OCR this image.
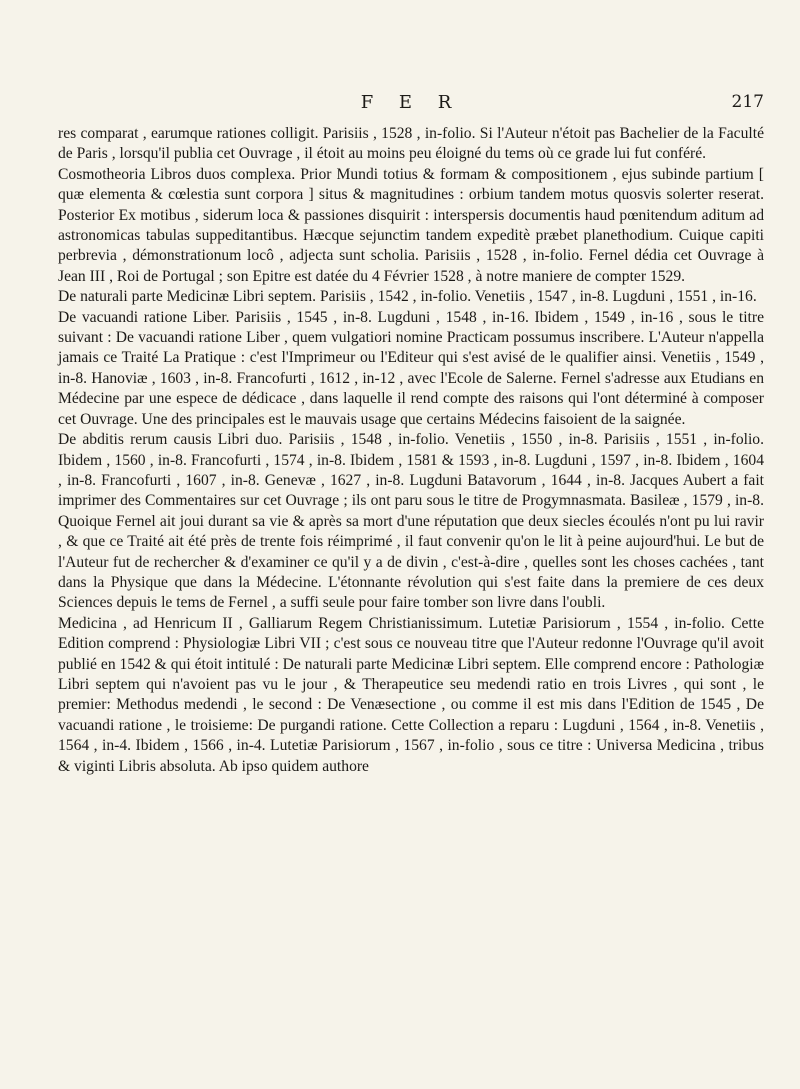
F E R	217

res comparat , earumque rationes colligit. Parisiis , 1528 , in-folio. Si l'Auteur n'étoit pas Bachelier de la Faculté de Paris , lorsqu'il publia cet Ouvrage , il étoit au moins peu éloigné du tems où ce grade lui fut conféré.

Cosmotheoria Libros duos complexa. Prior Mundi totius & formam & compositionem , ejus subinde partium [ quæ elementa & cœlestia sunt corpora ] situs & magnitudines : orbium tandem motus quosvis solerter reserat. Posterior Ex motibus , siderum loca & passiones disquirit : interspersis documentis haud pœnitendum aditum ad astronomicas tabulas suppeditantibus. Hæcque sejunctim tandem expeditè præbet planethodium. Cuique capiti perbrevia , démonstrationum locô , adjecta sunt scholia. Parisiis , 1528 , in-folio. Fernel dédia cet Ouvrage à Jean III , Roi de Portugal ; son Epitre est datée du 4 Février 1528 , à notre maniere de compter 1529.

De naturali parte Medicinæ Libri septem. Parisiis , 1542 , in-folio. Venetiis , 1547 , in-8. Lugduni , 1551 , in-16.

De vacuandi ratione Liber. Parisiis , 1545 , in-8. Lugduni , 1548 , in-16. Ibidem , 1549 , in-16 , sous le titre suivant : De vacuandi ratione Liber , quem vulgatiori nomine Practicam possumus inscribere. L'Auteur n'appella jamais ce Traité La Pratique : c'est l'Imprimeur ou l'Editeur qui s'est avisé de le qualifier ainsi. Venetiis , 1549 , in-8. Hanoviæ , 1603 , in-8. Francofurti , 1612 , in-12 , avec l'Ecole de Salerne. Fernel s'adresse aux Etudians en Médecine par une espece de dédicace , dans laquelle il rend compte des raisons qui l'ont déterminé à composer cet Ouvrage. Une des principales est le mauvais usage que certains Médecins faisoient de la saignée.

De abditis rerum causis Libri duo. Parisiis , 1548 , in-folio. Venetiis , 1550 , in-8. Parisiis , 1551 , in-folio. Ibidem , 1560 , in-8. Francofurti , 1574 , in-8. Ibidem , 1581 & 1593 , in-8. Lugduni , 1597 , in-8. Ibidem , 1604 , in-8. Francofurti , 1607 , in-8. Genevæ , 1627 , in-8. Lugduni Batavorum , 1644 , in-8. Jacques Aubert a fait imprimer des Commentaires sur cet Ouvrage ; ils ont paru sous le titre de Progymnasmata. Basileæ , 1579 , in-8. Quoique Fernel ait joui durant sa vie & après sa mort d'une réputation que deux siecles écoulés n'ont pu lui ravir , & que ce Traité ait été près de trente fois réimprimé , il faut convenir qu'on le lit à peine aujourd'hui. Le but de l'Auteur fut de rechercher & d'examiner ce qu'il y a de divin , c'est-à-dire , quelles sont les choses cachées , tant dans la Physique que dans la Médecine. L'étonnante révolution qui s'est faite dans la premiere de ces deux Sciences depuis le tems de Fernel , a suffi seule pour faire tomber son livre dans l'oubli.

Medicina , ad Henricum II , Galliarum Regem Christianissimum. Lutetiæ Parisiorum , 1554 , in-folio. Cette Edition comprend : Physiologiæ Libri VII ; c'est sous ce nouveau titre que l'Auteur redonne l'Ouvrage qu'il avoit publié en 1542 & qui étoit intitulé : De naturali parte Medicinæ Libri septem. Elle comprend encore : Pathologiæ Libri septem qui n'avoient pas vu le jour , & Therapeutice seu medendi ratio en trois Livres , qui sont , le premier: Methodus medendi , le second : De Venæsectione , ou comme il est mis dans l'Edition de 1545 , De vacuandi ratione , le troisieme: De purgandi ratione. Cette Collection a reparu : Lugduni , 1564 , in-8. Venetiis , 1564 , in-4. Ibidem , 1566 , in-4. Lutetiæ Parisiorum , 1567 , in-folio , sous ce titre : Universa Medicina , tribus & viginti Libris absoluta. Ab ipso quidem authore
